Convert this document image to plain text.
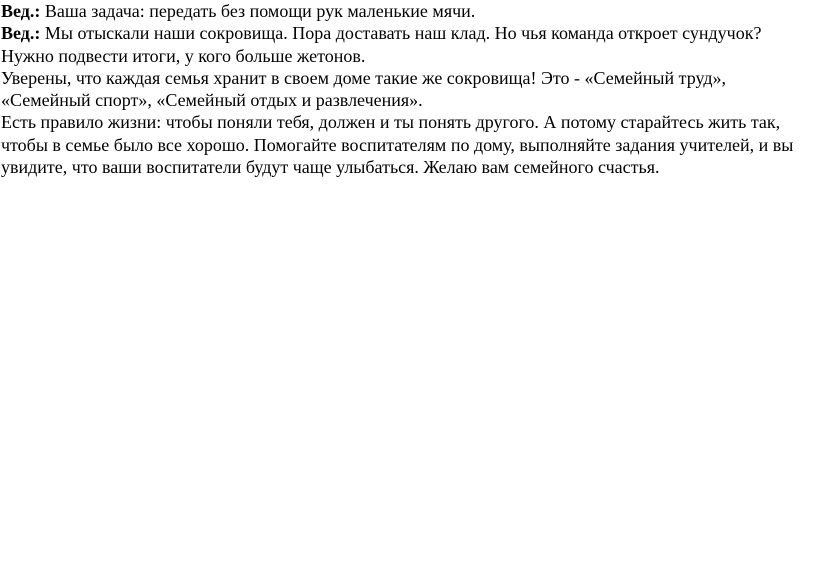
Вед.: Ваша задача: передать без помощи рук маленькие мячи.

Вед.: Мы отыскали наши сокровища. Пора доставать наш клад. Но чья команда откроет сундучок? Нужно подвести итоги, у кого больше жетонов.

Уверены, что каждая семья хранит в своем доме такие же сокровища! Это - «Семейный труд», «Семейный спорт», «Семейный отдых и развлечения».

Есть правило жизни: чтобы поняли тебя, должен и ты понять другого. А потому старайтесь жить так, чтобы в семье было все хорошо. Помогайте воспитателям по дому, выполняйте задания учителей, и вы увидите, что ваши воспитатели будут чаще улыбаться. Желаю вам семейного счастья.
